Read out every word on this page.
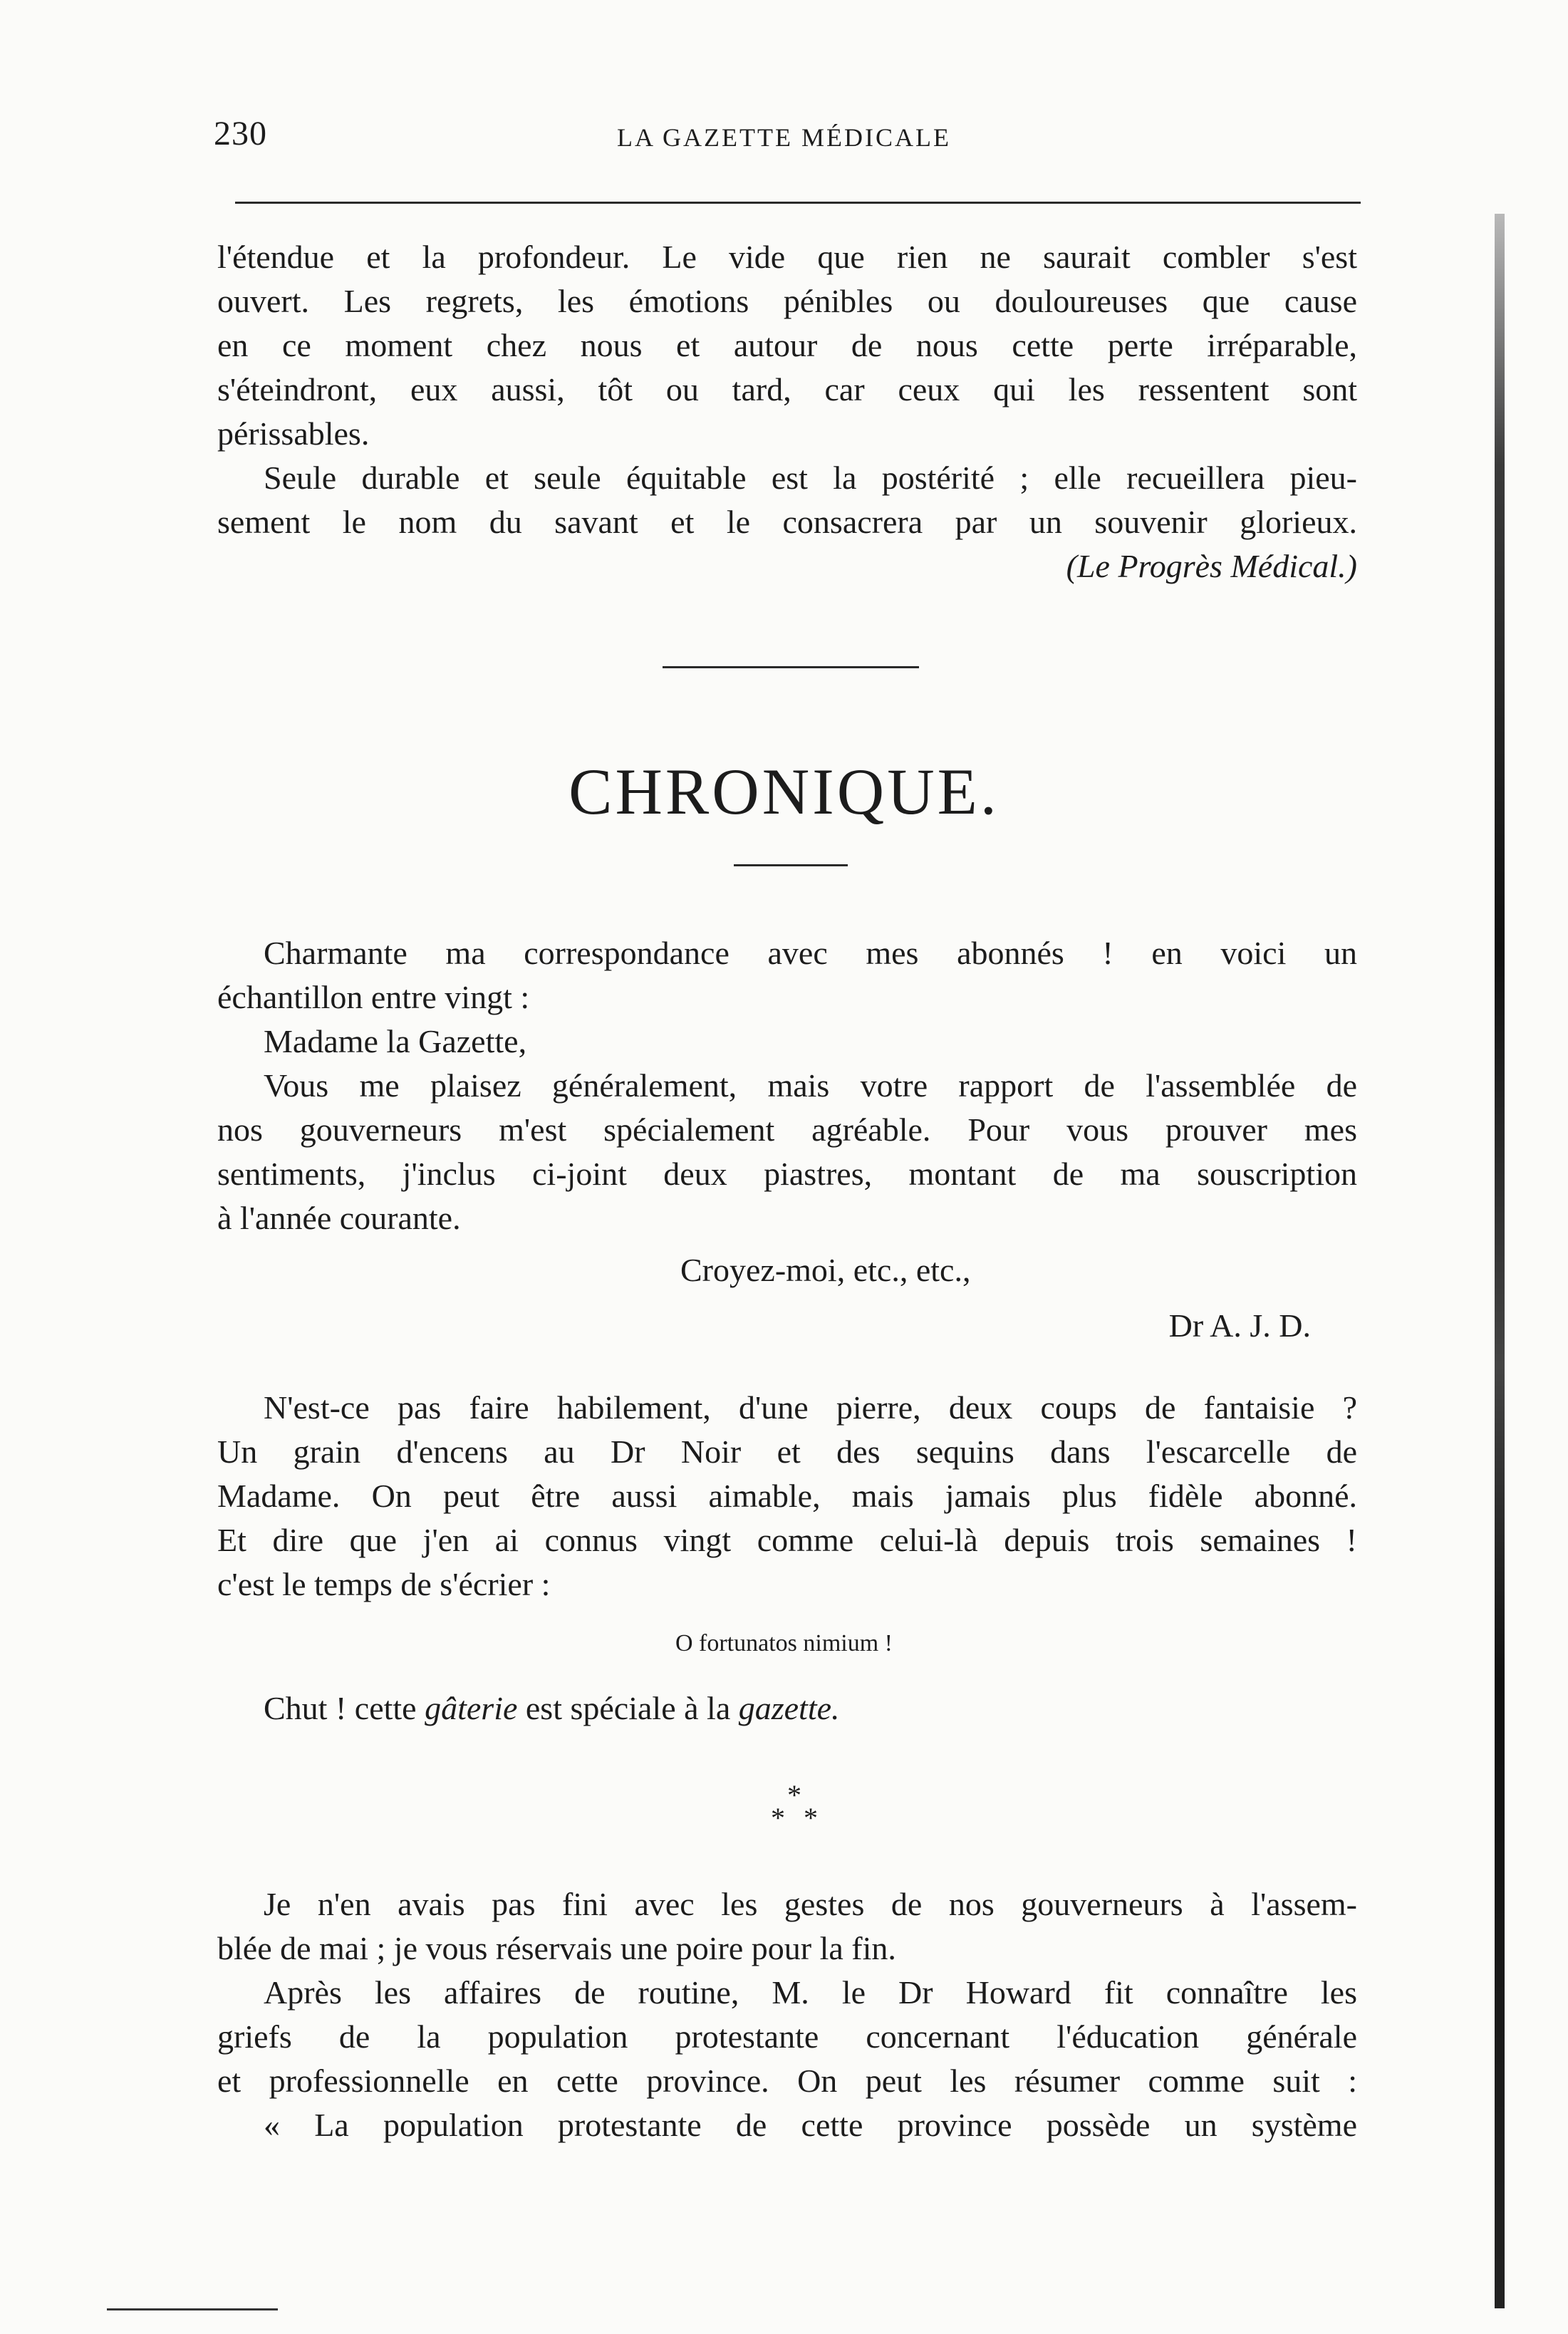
230	LA GAZETTE MÉDICALE
l'étendue et la profondeur. Le vide que rien ne saurait combler s'est
ouvert. Les regrets, les émotions pénibles ou douloureuses que cause
en ce moment chez nous et autour de nous cette perte irréparable,
s'éteindront, eux aussi, tôt ou tard, car ceux qui les ressentent sont
périssables.
Seule durable et seule équitable est la postérité ; elle recueillera pieu-
sement le nom du savant et le consacrera par un souvenir glorieux.
(Le Progrès Médical.)
CHRONIQUE.
Charmante ma correspondance avec mes abonnés ! en voici un
échantillon entre vingt :
Madame la Gazette,
Vous me plaisez généralement, mais votre rapport de l'assemblée de
nos gouverneurs m'est spécialement agréable. Pour vous prouver mes
sentiments, j'inclus ci-joint deux piastres, montant de ma souscription
à l'année courante.
Croyez-moi, etc., etc.,
Dr A. J. D.
N'est-ce pas faire habilement, d'une pierre, deux coups de fantaisie ?
Un grain d'encens au Dr Noir et des sequins dans l'escarcelle de
Madame. On peut être aussi aimable, mais jamais plus fidèle abonné.
Et dire que j'en ai connus vingt comme celui-là depuis trois semaines !
c'est le temps de s'écrier :
O fortunatos nimium !
Chut ! cette gâterie est spéciale à la gazette.
*
* *
Je n'en avais pas fini avec les gestes de nos gouverneurs à l'assem-
blée de mai ; je vous réservais une poire pour la fin.
Après les affaires de routine, M. le Dr Howard fit connaître les
griefs de la population protestante concernant l'éducation générale
et professionnelle en cette province. On peut les résumer comme suit :
« La population protestante de cette province possède un système
